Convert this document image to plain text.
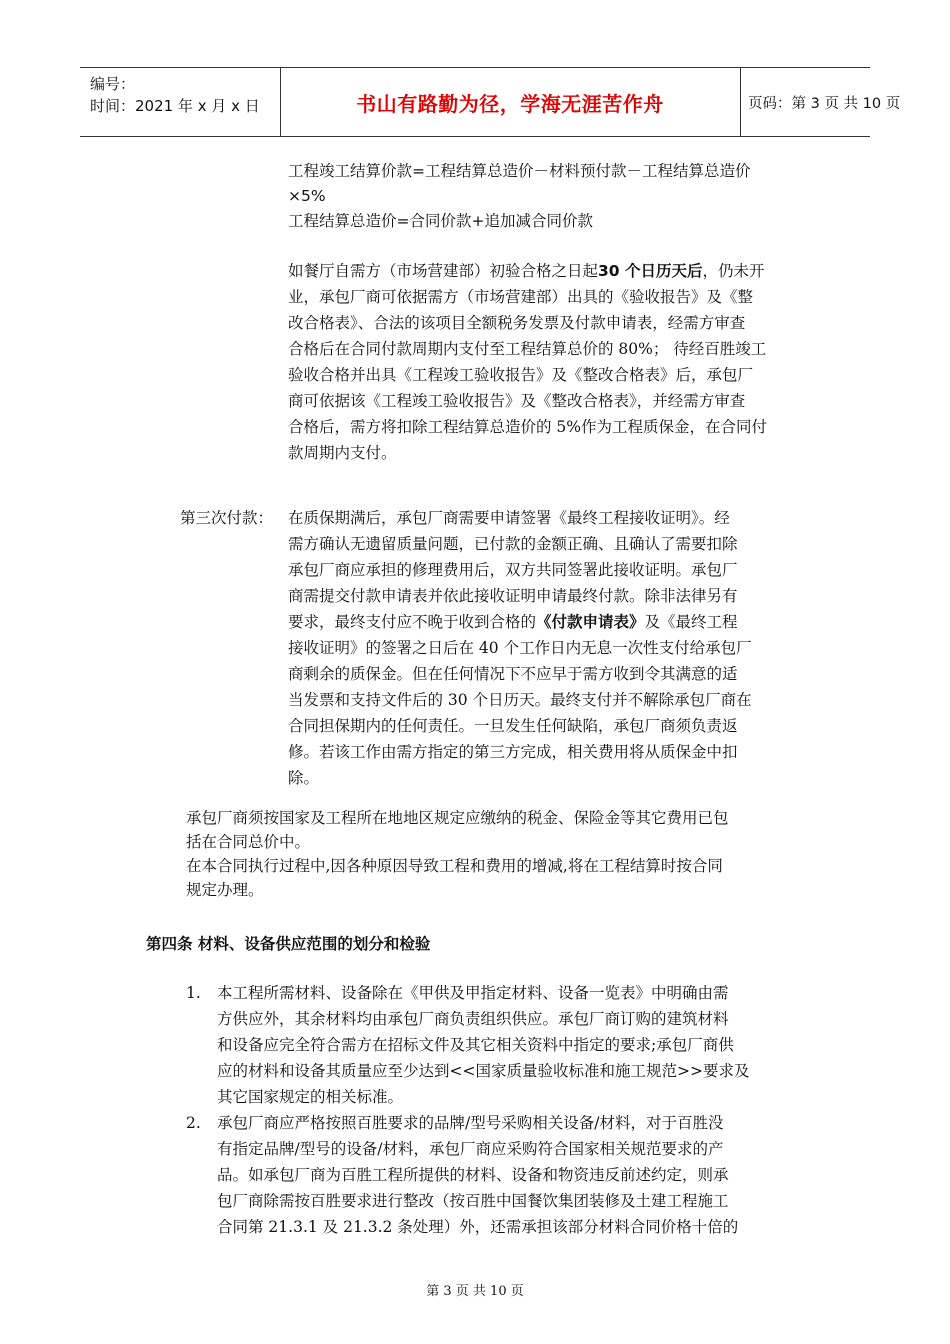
编号：
时间：2021 年 x 月 x 日	书山有路勤为径，学海无涯苦作舟	页码：第 3 页 共 10 页
工程竣工结算价款=工程结算总造价－材料预付款－工程结算总造价
×5%
工程结算总造价=合同价款+追加减合同价款
如餐厅自需方（市场营建部）初验合格之日起30 个日历天后，仍未开
业，承包厂商可依据需方（市场营建部）出具的《验收报告》及《整
改合格表》、合法的该项目全额税务发票及付款申请表，经需方审查
合格后在合同付款周期内支付至工程结算总价的 80%； 待经百胜竣工
验收合格并出具《工程竣工验收报告》及《整改合格表》后，承包厂
商可依据该《工程竣工验收报告》及《整改合格表》，并经需方审查
合格后，需方将扣除工程结算总造价的 5%作为工程质保金，在合同付
款周期内支付。
第三次付款： 在质保期满后，承包厂商需要申请签署《最终工程接收证明》。经
需方确认无遗留质量问题，已付款的金额正确、且确认了需要扣除
承包厂商应承担的修理费用后，双方共同签署此接收证明。承包厂
商需提交付款申请表并依此接收证明申请最终付款。除非法律另有
要求，最终支付应不晚于收到合格的《付款申请表》及《最终工程
接收证明》的签署之日后在 40 个工作日内无息一次性支付给承包厂
商剩余的质保金。但在任何情况下不应早于需方收到令其满意的适
当发票和支持文件后的 30 个日历天。最终支付并不解除承包厂商在
合同担保期内的任何责任。一旦发生任何缺陷，承包厂商须负责返
修。若该工作由需方指定的第三方完成，相关费用将从质保金中扣
除。
承包厂商须按国家及工程所在地地区规定应缴纳的税金、保险金等其它费用已包
括在合同总价中。
在本合同执行过程中,因各种原因导致工程和费用的增减,将在工程结算时按合同
规定办理。
第四条 材料、设备供应范围的划分和检验
1. 本工程所需材料、设备除在《甲供及甲指定材料、设备一览表》中明确由需
方供应外，其余材料均由承包厂商负责组织供应。承包厂商订购的建筑材料
和设备应完全符合需方在招标文件及其它相关资料中指定的要求;承包厂商供
应的材料和设备其质量应至少达到<<国家质量验收标准和施工规范>>要求及
其它国家规定的相关标准。
2. 承包厂商应严格按照百胜要求的品牌/型号采购相关设备/材料，对于百胜没
有指定品牌/型号的设备/材料，承包厂商应采购符合国家相关规范要求的产
品。如承包厂商为百胜工程所提供的材料、设备和物资违反前述约定，则承
包厂商除需按百胜要求进行整改（按百胜中国餐饮集团装修及土建工程施工
合同第 21.3.1 及 21.3.2 条处理）外，还需承担该部分材料合同价格十倍的
第 3 页 共 10 页
